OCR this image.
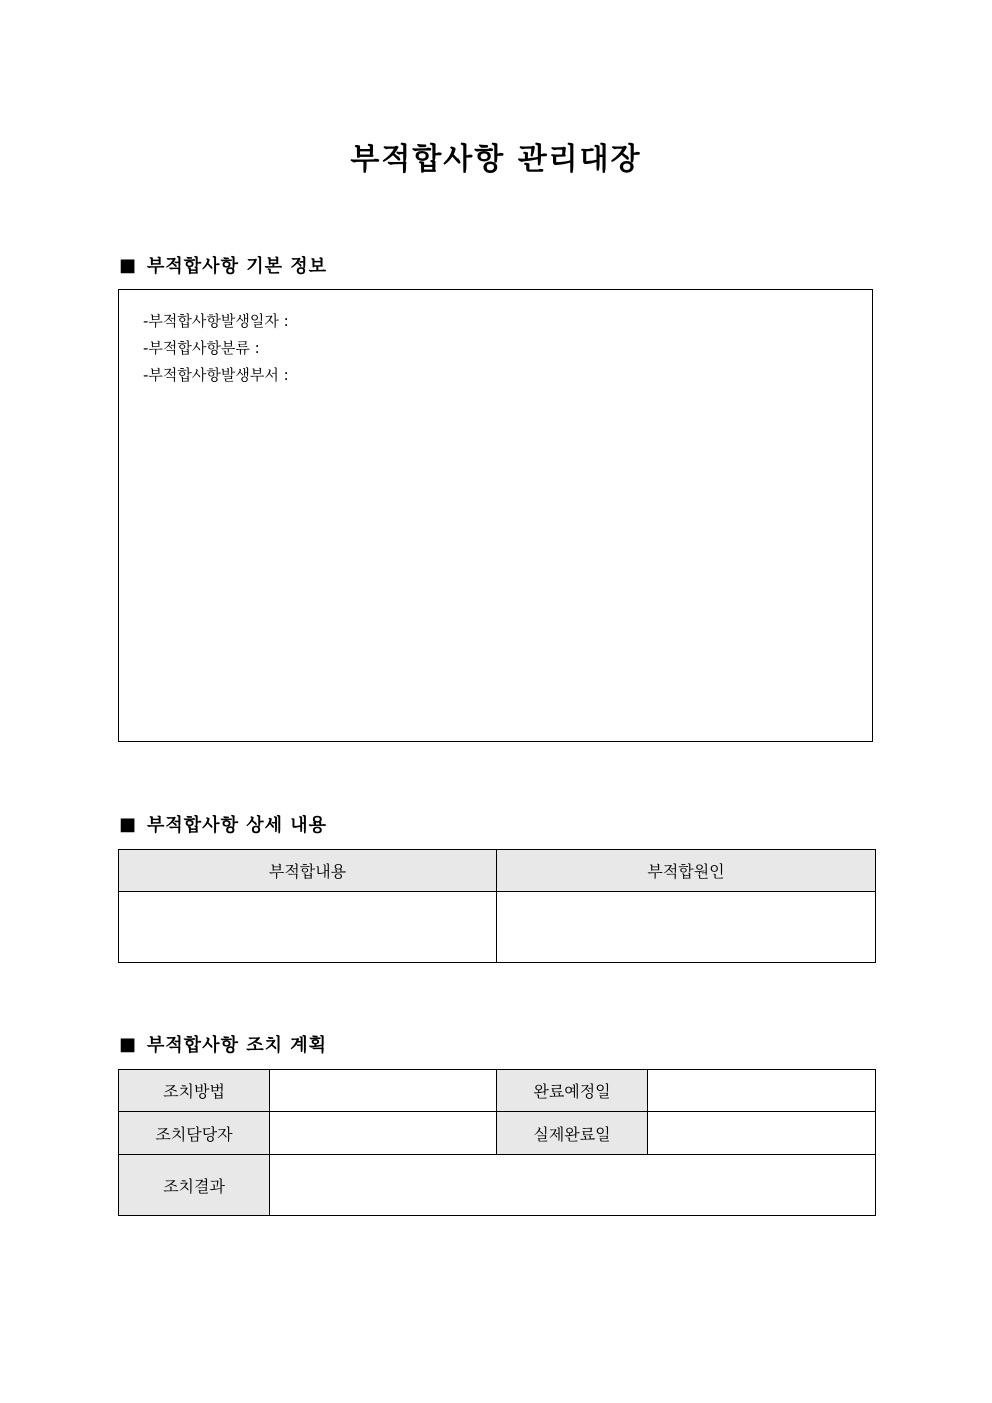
부적합사항 관리대장
■ 부적합사항 기본 정보
-부적합사항발생일자 :
-부적합사항분류 :
-부적합사항발생부서 :
■ 부적합사항 상세 내용
부적합내용	부적합원인

■ 부적합사항 조치 계획
조치방법		완료예정일	
조치담당자		실제완료일	
조치결과			
